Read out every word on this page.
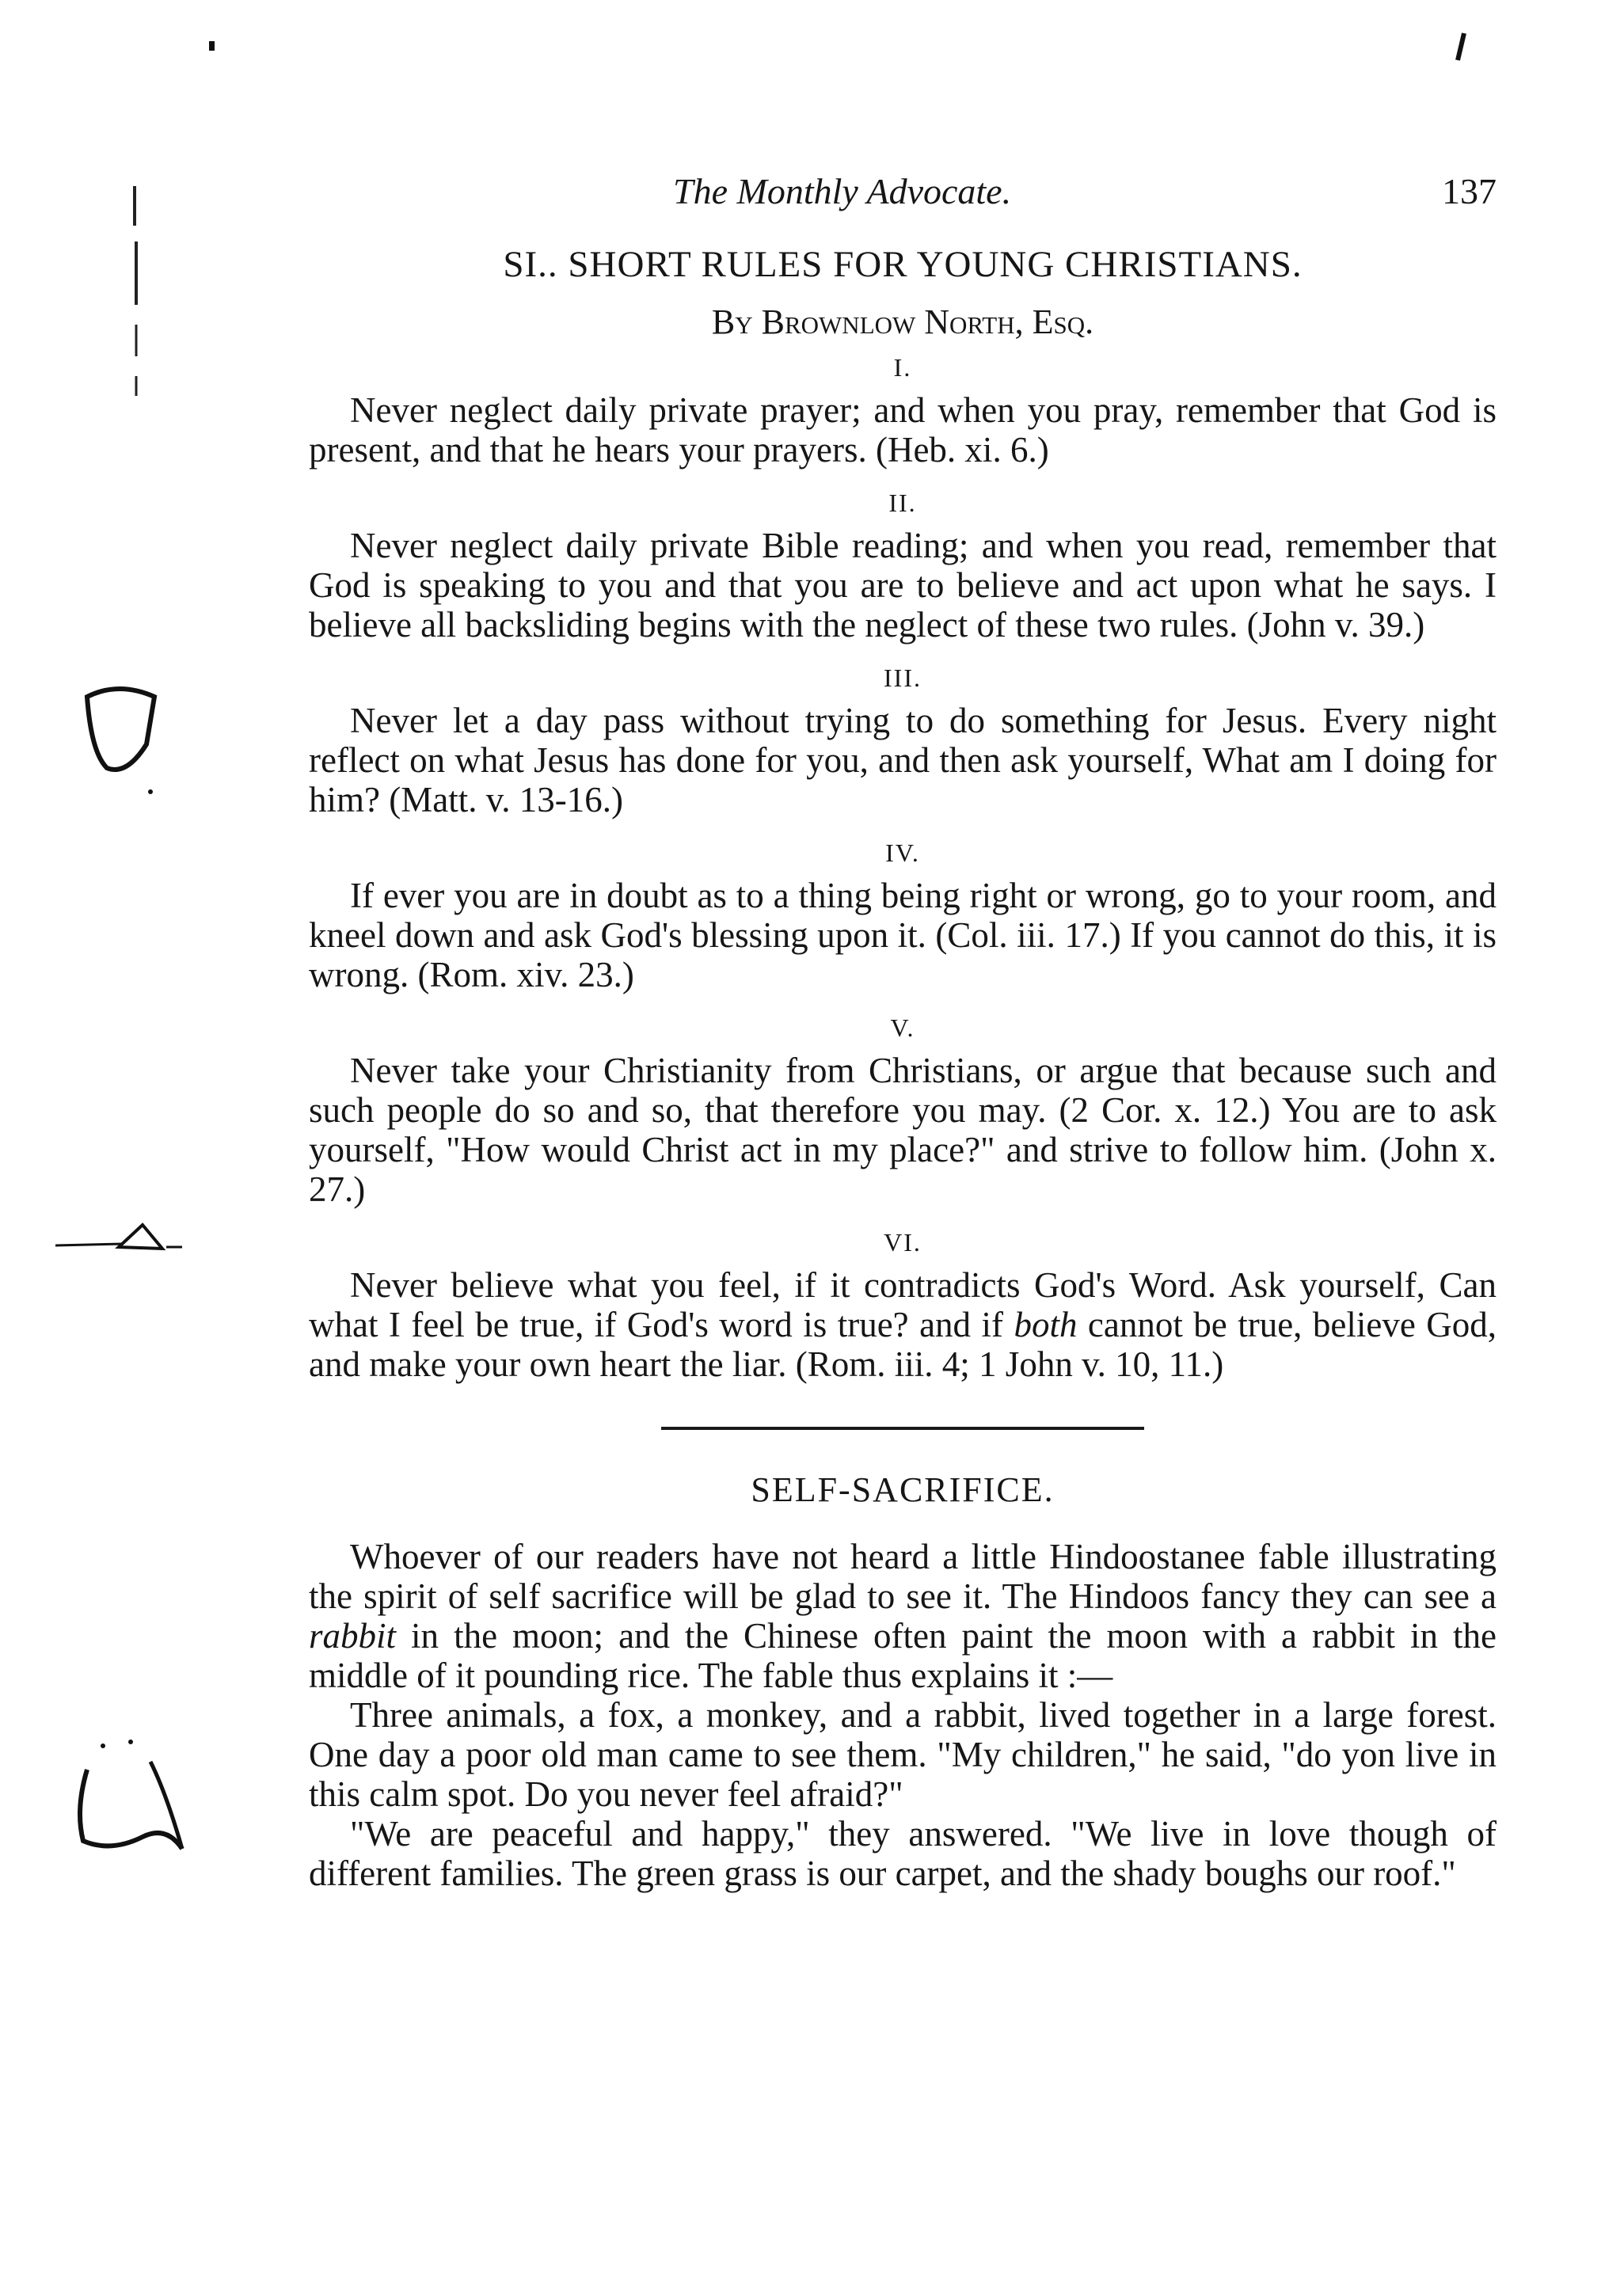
The Monthly Advocate.	137
SI.. SHORT RULES FOR YOUNG CHRISTIANS.
By Brownlow North, Esq.
I.

Never neglect daily private prayer; and when you pray, remember that God is present, and that he hears your prayers. (Heb. xi. 6.)

II.

Never neglect daily private Bible reading; and when you read, remember that God is speaking to you and that you are to believe and act upon what he says. I believe all backsliding begins with the neglect of these two rules. (John v. 39.)

III.

Never let a day pass without trying to do something for Jesus. Every night reflect on what Jesus has done for you, and then ask yourself, What am I doing for him? (Matt. v. 13-16.)

IV.

If ever you are in doubt as to a thing being right or wrong, go to your room, and kneel down and ask God's blessing upon it. (Col. iii. 17.) If you cannot do this, it is wrong. (Rom. xiv. 23.)

V.

Never take your Christianity from Christians, or argue that because such and such people do so and so, that therefore you may. (2 Cor. x. 12.) You are to ask yourself, "How would Christ act in my place?" and strive to follow him. (John x. 27.)

VI.

Never believe what you feel, if it contradicts God's Word. Ask yourself, Can what I feel be true, if God's word is true? and if both cannot be true, believe God, and make your own heart the liar. (Rom. iii. 4; 1 John v. 10, 11.)

SELF-SACRIFICE.

Whoever of our readers have not heard a little Hindoostanee fable illustrating the spirit of self sacrifice will be glad to see it. The Hindoos fancy they can see a rabbit in the moon; and the Chinese often paint the moon with a rabbit in the middle of it pounding rice. The fable thus explains it :—

Three animals, a fox, a monkey, and a rabbit, lived together in a large forest. One day a poor old man came to see them. "My children," he said, "do yon live in this calm spot. Do you never feel afraid?"

"We are peaceful and happy," they answered. "We live in love though of different families. The green grass is our carpet, and the shady boughs our roof."
